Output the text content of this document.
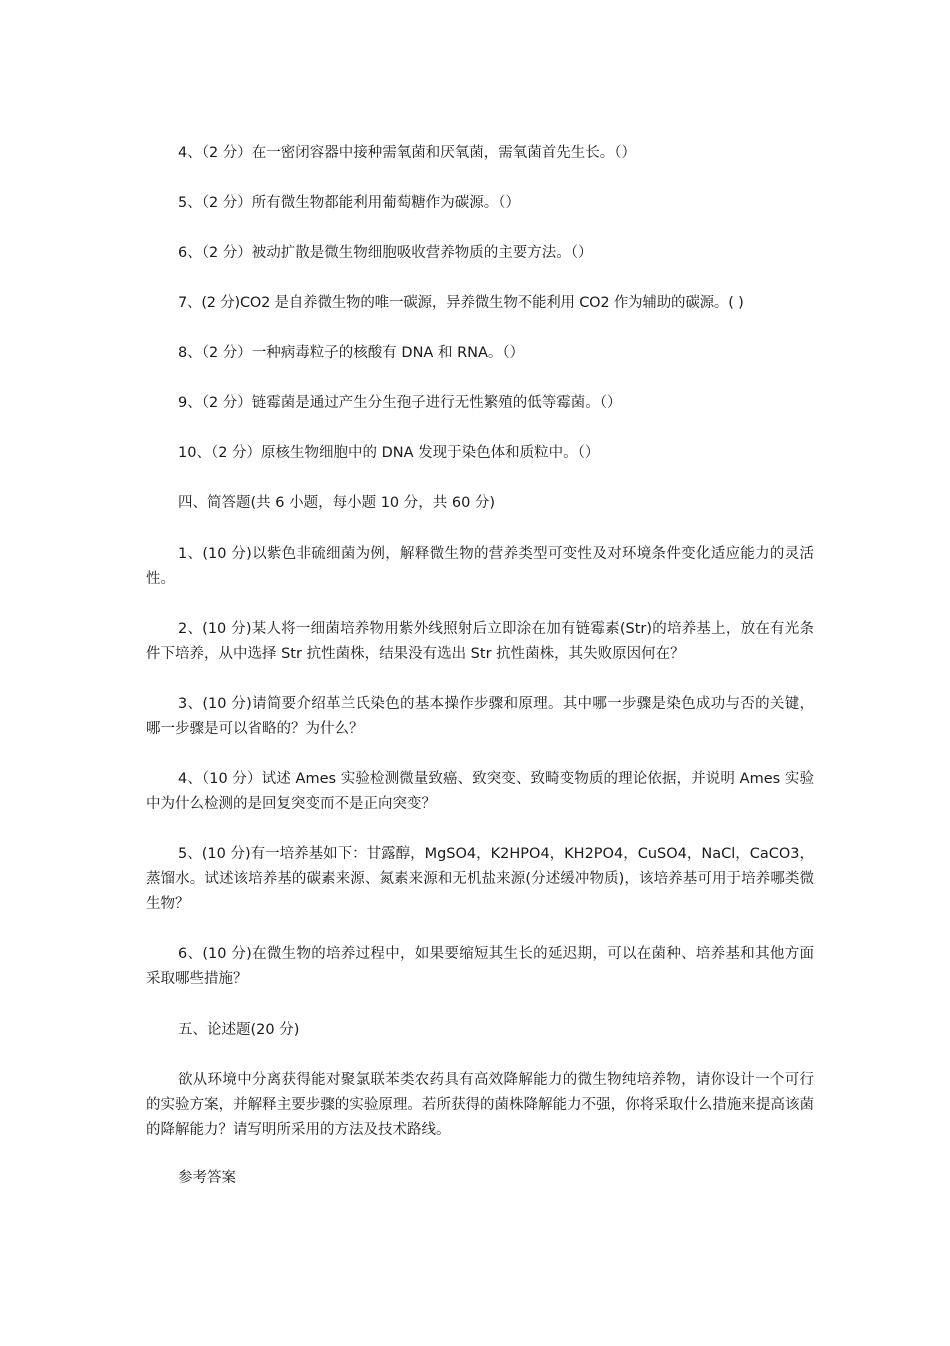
4、（2 分）在一密闭容器中接种需氧菌和厌氧菌，需氧菌首先生长。（）

5、（2 分）所有微生物都能利用葡萄糖作为碳源。（）

6、（2 分）被动扩散是微生物细胞吸收营养物质的主要方法。（）

7、(2 分)CO2 是自养微生物的唯一碳源，异养微生物不能利用 CO2 作为辅助的碳源。( )

8、（2 分）一种病毒粒子的核酸有 DNA 和 RNA。（）

9、（2 分）链霉菌是通过产生分生孢子进行无性繁殖的低等霉菌。（）

10、（2 分）原核生物细胞中的 DNA 发现于染色体和质粒中。（）

四、简答题(共 6 小题，每小题 10 分，共 60 分)

1、(10 分)以紫色非硫细菌为例，解释微生物的营养类型可变性及对环境条件变化适应能力的灵活性。

2、(10 分)某人将一细菌培养物用紫外线照射后立即涂在加有链霉素(Str)的培养基上，放在有光条件下培养，从中选择 Str 抗性菌株，结果没有选出 Str 抗性菌株，其失败原因何在？

3、(10 分)请简要介绍革兰氏染色的基本操作步骤和原理。其中哪一步骤是染色成功与否的关键，哪一步骤是可以省略的？为什么？

4、（10 分）试述 Ames 实验检测微量致癌、致突变、致畸变物质的理论依据，并说明 Ames 实验中为什么检测的是回复突变而不是正向突变？

5、(10 分)有一培养基如下：甘露醇，MgSO4，K2HPO4，KH2PO4，CuSO4，NaCl，CaCO3，蒸馏水。试述该培养基的碳素来源、氮素来源和无机盐来源(分述缓冲物质)，该培养基可用于培养哪类微生物？

6、(10 分)在微生物的培养过程中，如果要缩短其生长的延迟期，可以在菌种、培养基和其他方面采取哪些措施？

五、论述题(20 分)

欲从环境中分离获得能对聚氯联苯类农药具有高效降解能力的微生物纯培养物，请你设计一个可行的实验方案，并解释主要步骤的实验原理。若所获得的菌株降解能力不强，你将采取什么措施来提高该菌的降解能力？请写明所采用的方法及技术路线。

参考答案
